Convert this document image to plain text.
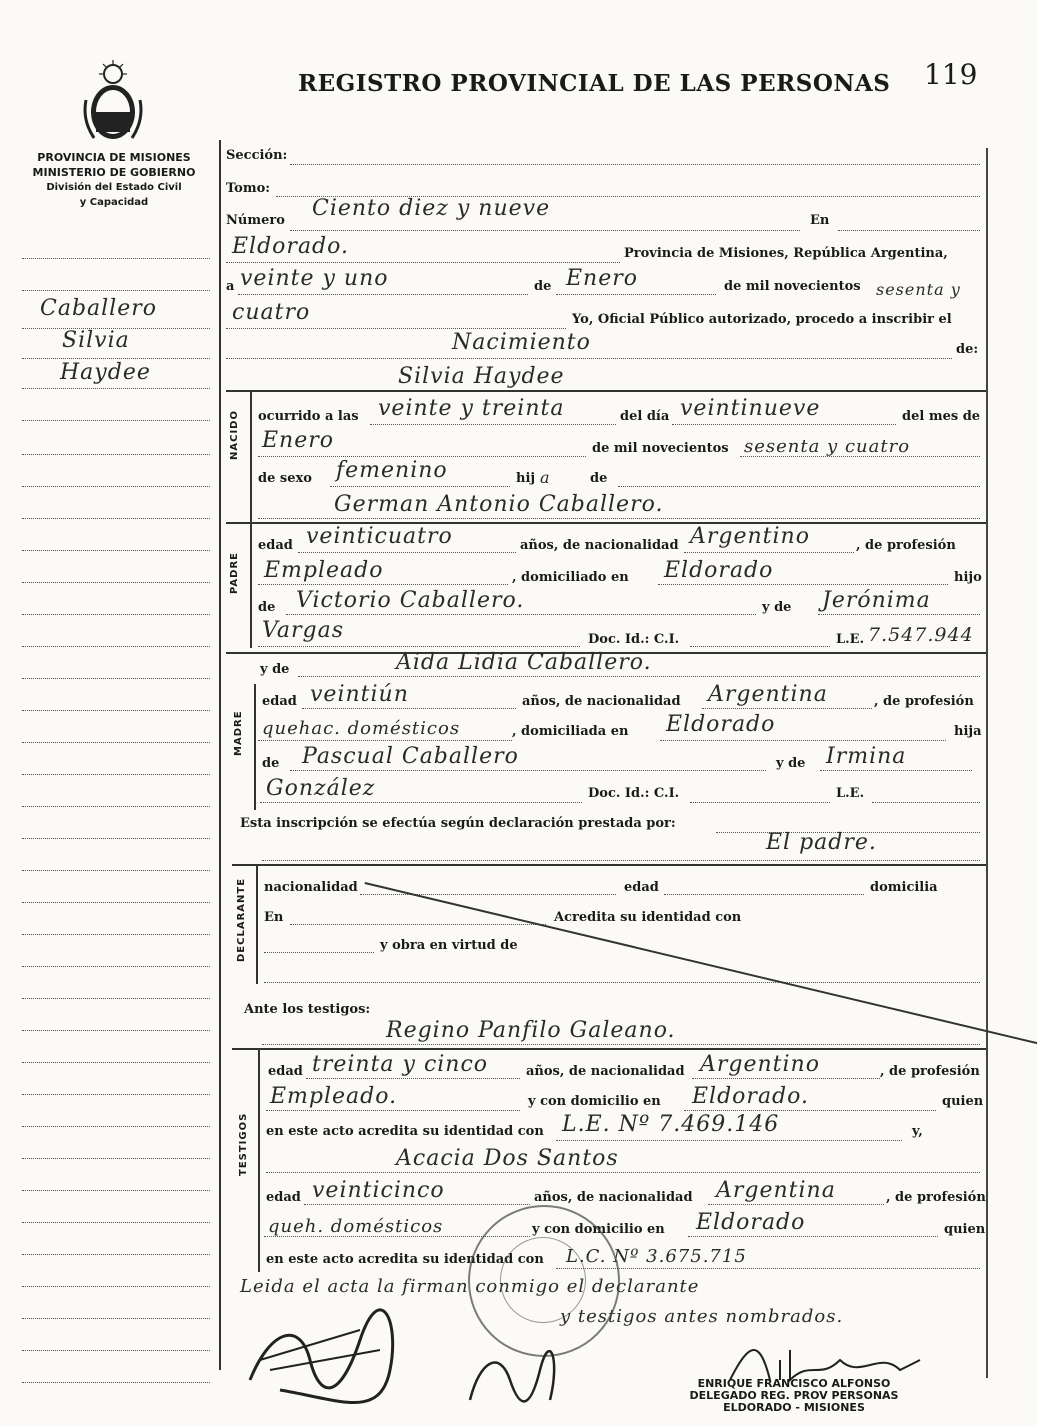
REGISTRO PROVINCIAL DE LAS PERSONAS 119
PROVINCIA DE MISIONES
MINISTERIO DE GOBIERNO
División del Estado Civil
y Capacidad
Caballero
Silvia
Haydee
Sección:
Tomo:
Número Ciento diez y nueve	En
Eldorado.	Provincia de Misiones, República Argentina,
a veinte y uno	de Enero	de mil novecientos sesenta y
cuatro	Yo, Oficial Público autorizado, procedo a inscribir el
Nacimiento	de:
Silvia Haydee
NACIDO ocurrido a las veinte y treinta	del día veintinueve	del mes de
Enero	de mil novecientos sesenta y cuatro
de sexo femenino	hij a	de
German Antonio Caballero.
PADRE
edad veinticuatro	años, de nacionalidad Argentino	, de profesión
Empleado	, domiciliado en Eldorado	hijo
de Victorio Caballero.	y de Jerónima
Vargas	Doc. Id.: C.I.	L.E. 7.547.944
y de	Aida Lidia Caballero.
MADRE
edad veintiún	años, de nacionalidad Argentina	, de profesión
quehac. domésticos	, domiciliada en Eldorado	hija
de Pascual Caballero	y de Irmina
González	Doc. Id.: C.I.	L.E.
Esta inscripción se efectúa según declaración prestada por:
El padre.
DECLARANTE nacionalidad	edad	domicilia
En	Acredita su identidad con
y obra en virtud de
Ante los testigos:
Regino Panfilo Galeano.
TESTIGOS
edad treinta y cinco	años, de nacionalidad Argentino	, de profesión
Empleado.	y con domicilio en Eldorado.	quien
en este acto acredita su identidad con L.E. Nº 7.469.146	y,
Acacia Dos Santos
edad veinticinco	años, de nacionalidad Argentina	, de profesión
queh. domésticos	y con domicilio en Eldorado	quien
en este acto acredita su identidad con L.C. Nº 3.675.715
Leida el acta la firman conmigo el declarante
y testigos antes nombrados.
ENRIQUE FRANCISCO ALFONSO
DELEGADO REG. PROV PERSONAS
ELDORADO - MISIONES
